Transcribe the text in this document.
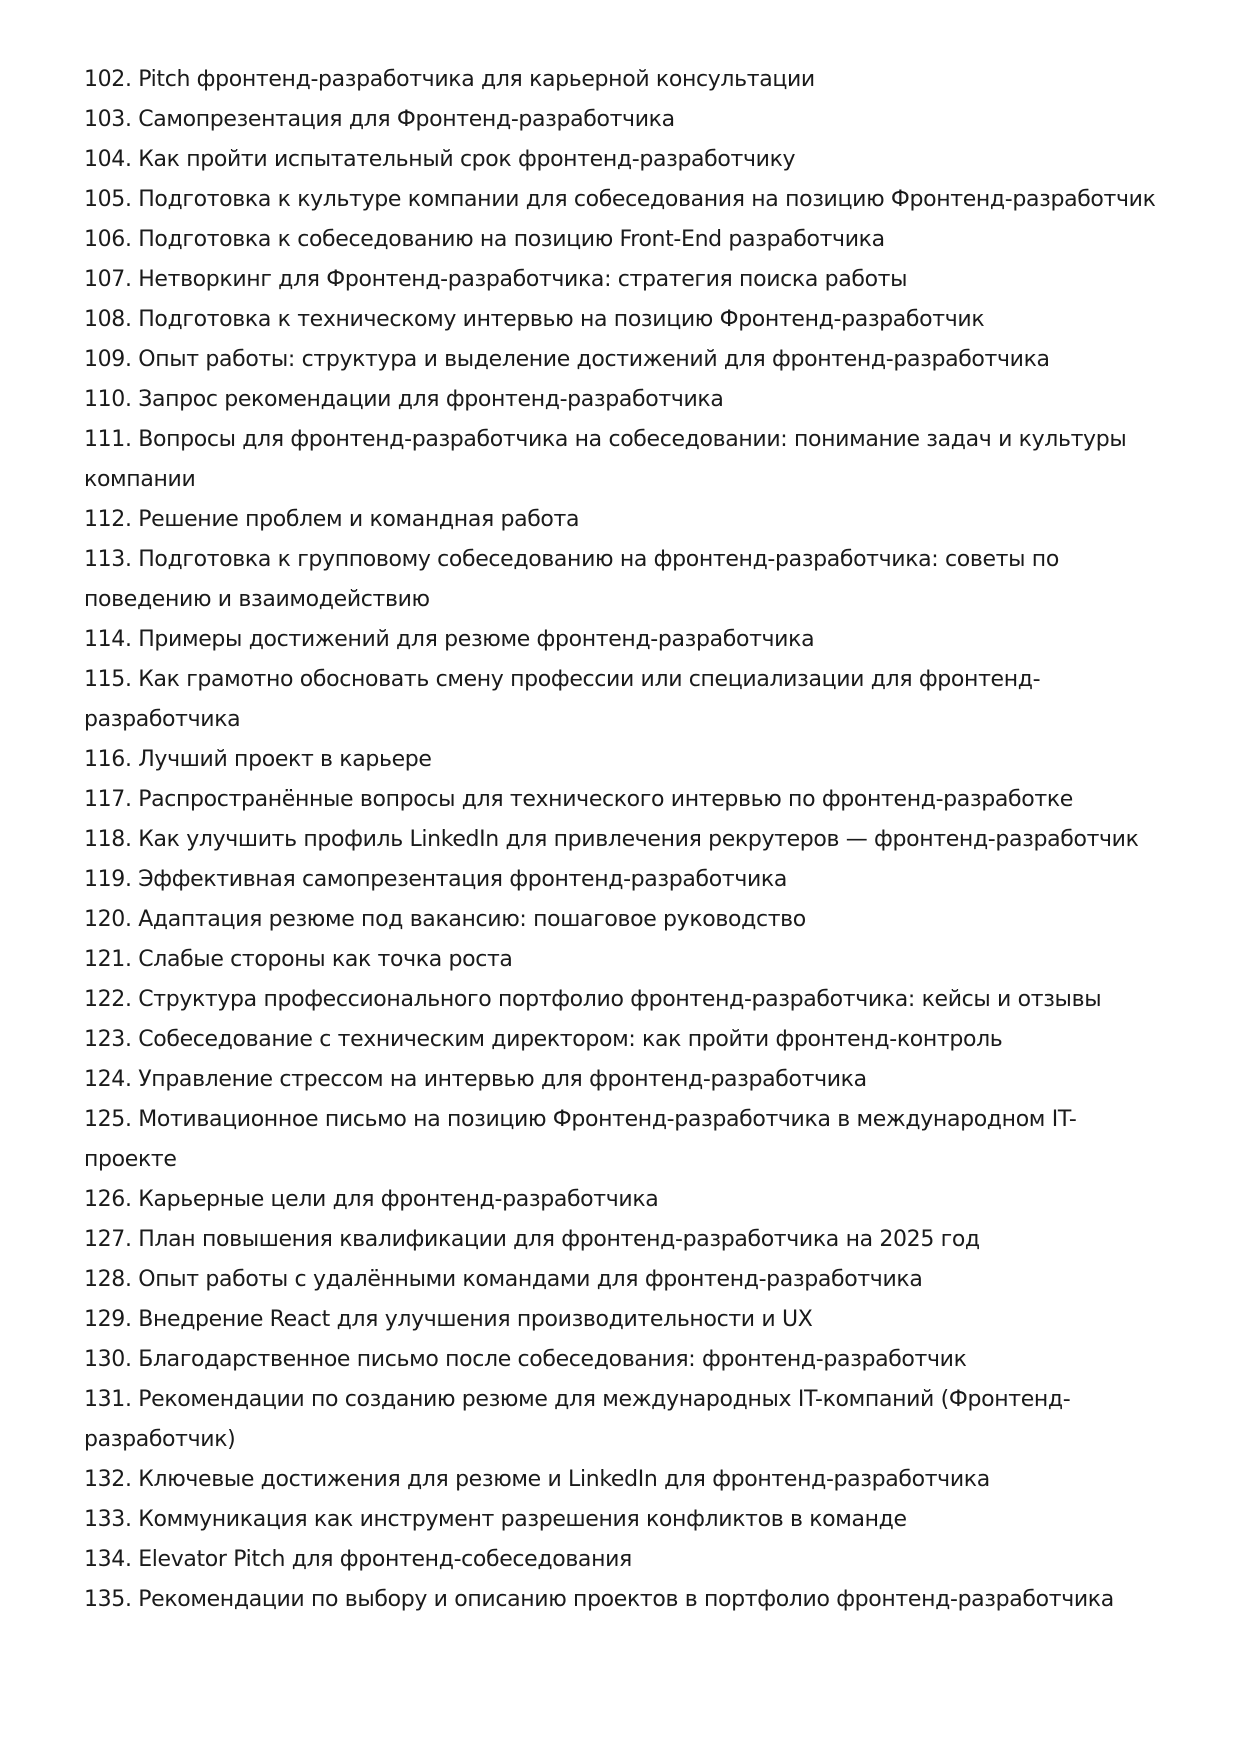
102. Pitch фронтенд-разработчика для карьерной консультации
103. Самопрезентация для Фронтенд-разработчика
104. Как пройти испытательный срок фронтенд-разработчику
105. Подготовка к культуре компании для собеседования на позицию Фронтенд-разработчик
106. Подготовка к собеседованию на позицию Front-End разработчика
107. Нетворкинг для Фронтенд-разработчика: стратегия поиска работы
108. Подготовка к техническому интервью на позицию Фронтенд-разработчик
109. Опыт работы: структура и выделение достижений для фронтенд-разработчика
110. Запрос рекомендации для фронтенд-разработчика
111. Вопросы для фронтенд-разработчика на собеседовании: понимание задач и культуры компании
112. Решение проблем и командная работа
113. Подготовка к групповому собеседованию на фронтенд-разработчика: советы по поведению и взаимодействию
114. Примеры достижений для резюме фронтенд-разработчика
115. Как грамотно обосновать смену профессии или специализации для фронтенд-разработчика
116. Лучший проект в карьере
117. Распространённые вопросы для технического интервью по фронтенд-разработке
118. Как улучшить профиль LinkedIn для привлечения рекрутеров — фронтенд-разработчик
119. Эффективная самопрезентация фронтенд-разработчика
120. Адаптация резюме под вакансию: пошаговое руководство
121. Слабые стороны как точка роста
122. Структура профессионального портфолио фронтенд-разработчика: кейсы и отзывы
123. Собеседование с техническим директором: как пройти фронтенд-контроль
124. Управление стрессом на интервью для фронтенд-разработчика
125. Мотивационное письмо на позицию Фронтенд-разработчика в международном IT-проекте
126. Карьерные цели для фронтенд-разработчика
127. План повышения квалификации для фронтенд-разработчика на 2025 год
128. Опыт работы с удалёнными командами для фронтенд-разработчика
129. Внедрение React для улучшения производительности и UX
130. Благодарственное письмо после собеседования: фронтенд-разработчик
131. Рекомендации по созданию резюме для международных IT-компаний (Фронтенд-разработчик)
132. Ключевые достижения для резюме и LinkedIn для фронтенд-разработчика
133. Коммуникация как инструмент разрешения конфликтов в команде
134. Elevator Pitch для фронтенд-собеседования
135. Рекомендации по выбору и описанию проектов в портфолио фронтенд-разработчика
